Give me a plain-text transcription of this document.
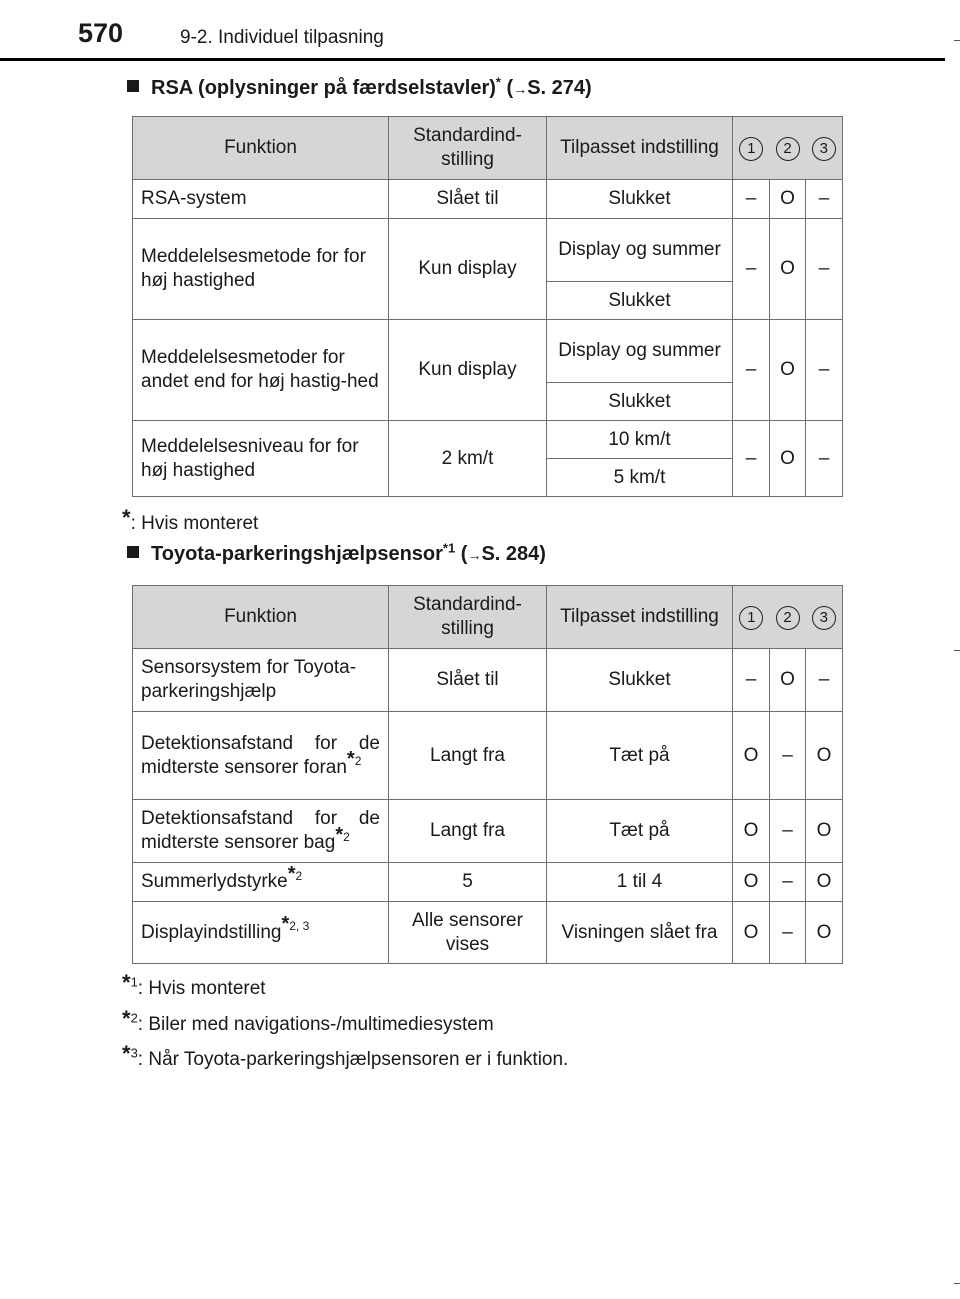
570	9-2. Individuel tilpasning
RSA (oplysninger på færdselstavler)* (→S. 274)
Funktion	Standardind-stilling	Tilpasset indstilling	1	2	3
RSA-system	Slået til	Slukket	–	O	–
Meddelelsesmetode for for høj hastighed	Kun display	Display og summer	–	O	–
		Slukket			
Meddelelsesmetoder for andet end for høj hastig-hed	Kun display	Display og summer	–	O	–
		Slukket			
Meddelelsesniveau for for høj hastighed	2 km/t	10 km/t	–	O	–
		5 km/t			
*: Hvis monteret
Toyota-parkeringshjælpsensor$^{*1}$ (→S. 284)
Funktion	Standardind-stilling	Tilpasset indstilling	1	2	3
Sensorsystem for Toyota-parkeringshjælp	Slået til	Slukket	–	O	–
Detektionsafstand for de midterste sensorer foran$^{*2}$	Langt fra	Tæt på	O	–	O
Detektionsafstand for de midterste sensorer bag$^{*2}$	Langt fra	Tæt på	O	–	O
Summerlydstyrke$^{*2}$	5	1 til 4	O	–	O
Displayindstilling$^{*2, 3}$	Alle sensorer vises	Visningen slået fra	O	–	O
*$^1$: Hvis monteret
*$^2$: Biler med navigations-/multimediesystem
*$^3$: Når Toyota-parkeringshjælpsensoren er i funktion.
